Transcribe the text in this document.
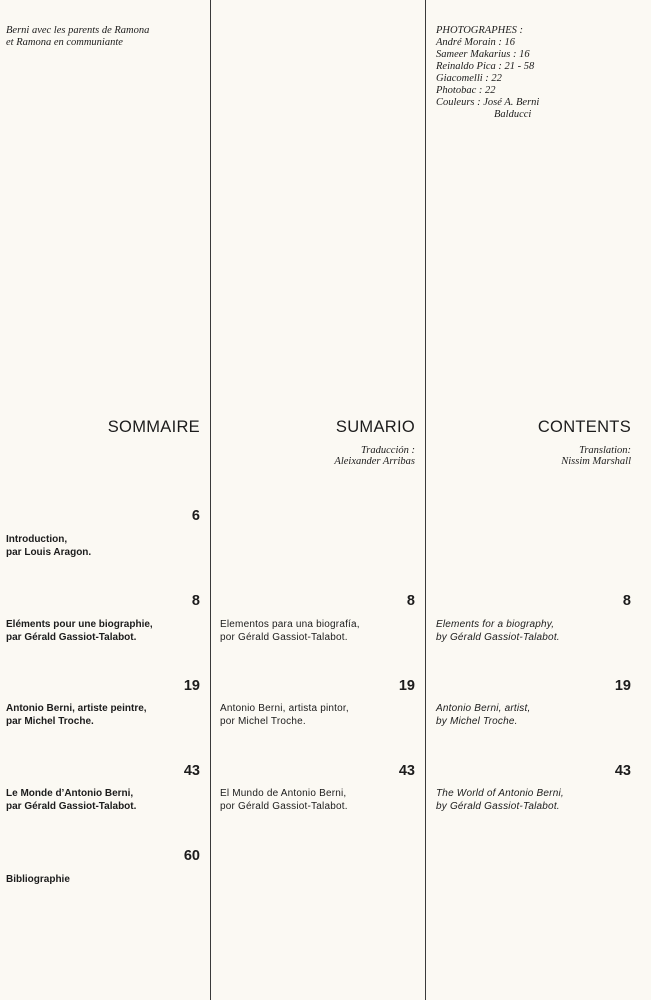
Berni avec les parents de Ramona
et Ramona en communiante
PHOTOGRAPHES :
André Morain : 16
Sameer Makarius : 16
Reinaldo Pica : 21 - 58
Giacomelli : 22
Photobac : 22
Couleurs : José A. Berni
Balducci
SOMMAIRE	SUMARIO	CONTENTS
Traducción :
Aleixander Arribas
Translation:
Nissim Marshall
6
Introduction,
par Louis Aragon.
8
Eléments pour une biographie,
par Gérald Gassiot-Talabot.
19
Antonio Berni, artiste peintre,
par Michel Troche.
43
Le Monde d’Antonio Berni,
par Gérald Gassiot-Talabot.
60
Bibliographie
8
Elementos para una biografía,
por Gérald Gassiot-Talabot.
19
Antonio Berni, artista pintor,
por Michel Troche.
43
El Mundo de Antonio Berni,
por Gérald Gassiot-Talabot.
8
Elements for a biography,
by Gérald Gassiot-Talabot.
19
Antonio Berni, artist,
by Michel Troche.
43
The World of Antonio Berni,
by Gérald Gassiot-Talabot.
